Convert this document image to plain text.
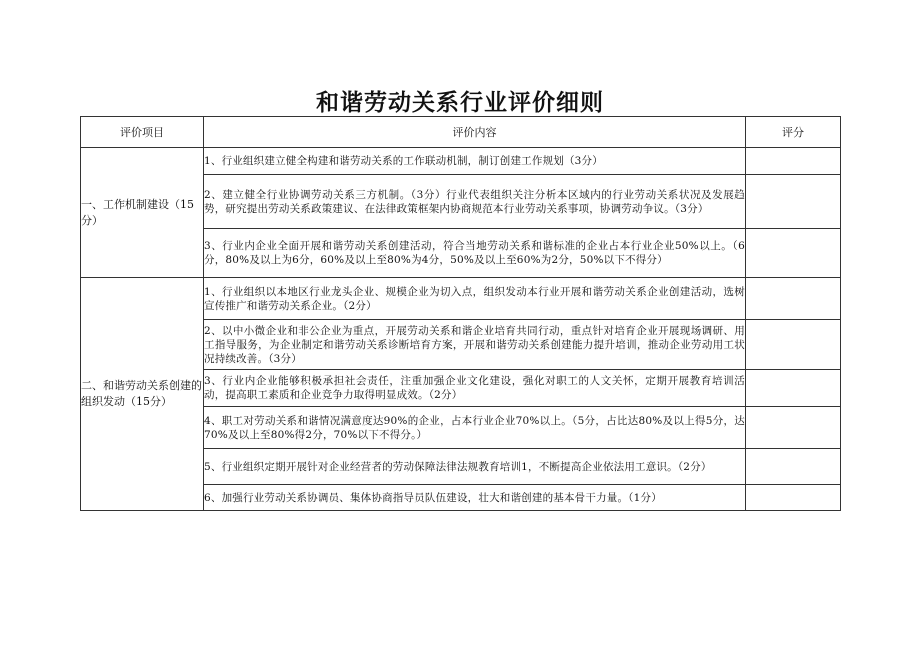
和谐劳动关系行业评价细则
评价项目	评价内容	评分
一、工作机制建设（15分）	1、行业组织建立健全构建和谐劳动关系的工作联动机制，制订创建工作规划（3分）	
	2、建立健全行业协调劳动关系三方机制。（3分）行业代表组织关注分析本区域内的行业劳动关系状况及发展趋势，研究提出劳动关系政策建议、在法律政策框架内协商规范本行业劳动关系事项，协调劳动争议。（3分）	
	3、行业内企业全面开展和谐劳动关系创建活动，符合当地劳动关系和谐标准的企业占本行业企业50%以上。（6分，80%及以上为6分，60%及以上至80%为4分，50%及以上至60%为2分，50%以下不得分）	
二、和谐劳动关系创建的组织发动（15分）	1、行业组织以本地区行业龙头企业、规模企业为切入点，组织发动本行业开展和谐劳动关系企业创建活动，选树宣传推广和谐劳动关系企业。（2分）	
	2、以中小微企业和非公企业为重点，开展劳动关系和谐企业培育共同行动，重点针对培育企业开展现场调研、用工指导服务，为企业制定和谐劳动关系诊断培育方案，开展和谐劳动关系创建能力提升培训，推动企业劳动用工状况持续改善。（3分）	
	3、行业内企业能够积极承担社会责任，注重加强企业文化建设，强化对职工的人文关怀，定期开展教育培训活动，提高职工素质和企业竞争力取得明显成效。（2分）	
	4、职工对劳动关系和谐情况满意度达90%的企业，占本行业企业70%以上。（5分，占比达80%及以上得5分，达70%及以上至80%得2分，70%以下不得分。）	
	5、行业组织定期开展针对企业经营者的劳动保障法律法规教育培训1，不断提高企业依法用工意识。（2分）	
	6、加强行业劳动关系协调员、集体协商指导员队伍建设，壮大和谐创建的基本骨干力量。（1分）	
